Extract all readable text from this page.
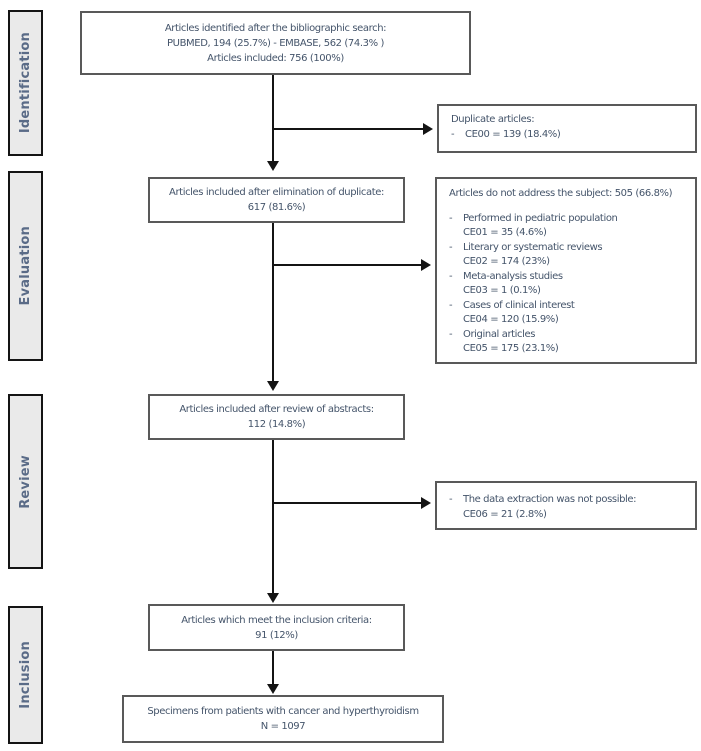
Identification
Evaluation
Review
Inclusion
Articles identified after the bibliographic search:
PUBMED, 194 (25.7%) - EMBASE, 562 (74.3% )
Articles included: 756 (100%)
Articles included after elimination of duplicate:
617 (81.6%)
Articles included after review of abstracts:
112 (14.8%)
Articles which meet the inclusion criteria:
91 (12%)
Specimens from patients with cancer and hyperthyroidism
N = 1097
Duplicate articles:
-	CE00 = 139 (18.4%)
Articles do not address the subject: 505 (66.8%)
-	Performed in pediatric population
CE01 = 35 (4.6%)
-	Literary or systematic reviews
CE02 = 174 (23%)
-	Meta-analysis studies
CE03 = 1 (0.1%)
-	Cases of clinical interest
CE04 = 120 (15.9%)
-	Original articles
CE05 = 175 (23.1%)
-	The data extraction was not possible:
CE06 = 21 (2.8%)
